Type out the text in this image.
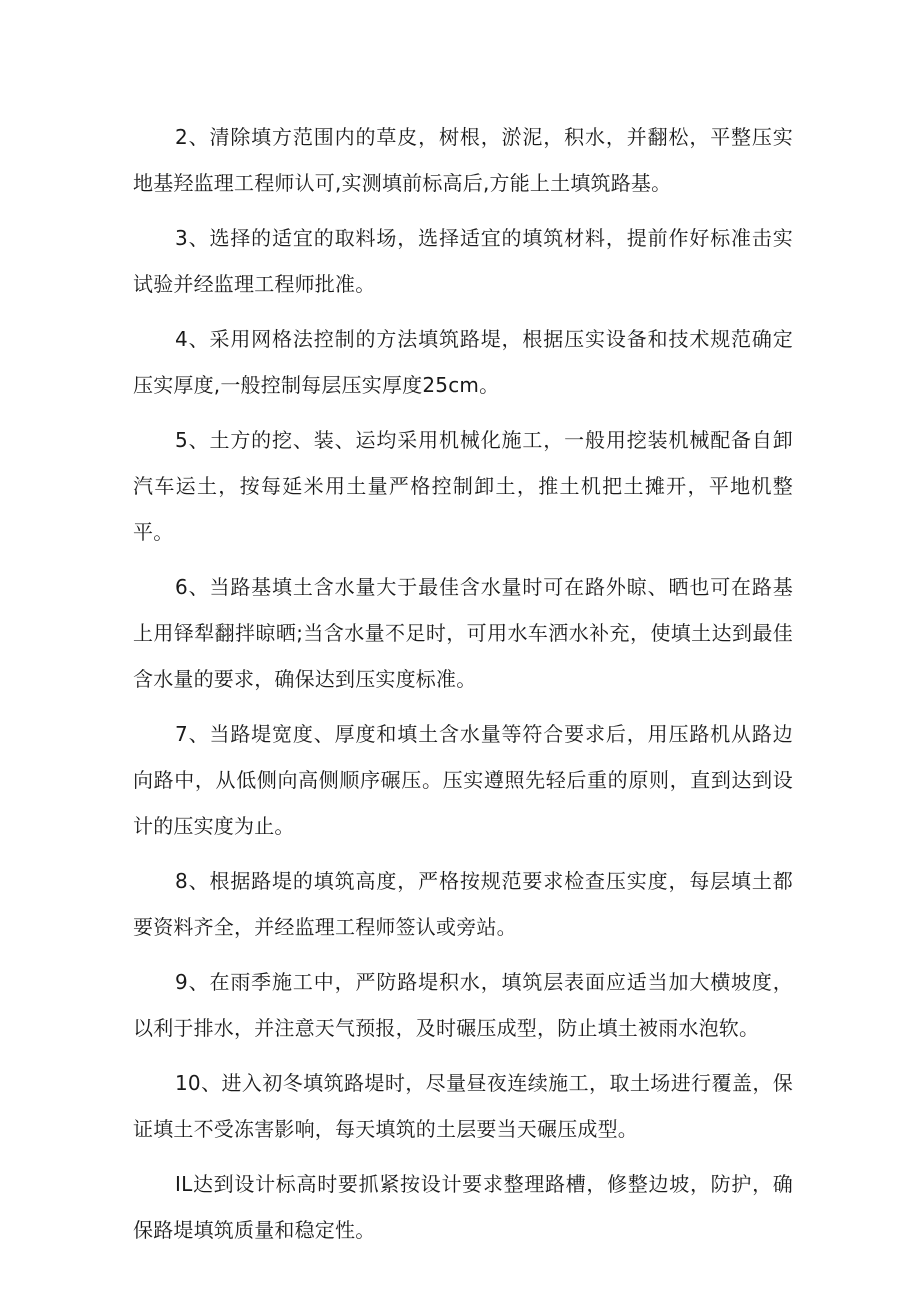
2、清除填方范围内的草皮，树根，淤泥，积水，并翻松，平整压实地基羟监理工程师认可,实测填前标高后,方能上土填筑路基。

3、选择的适宜的取料场，选择适宜的填筑材料，提前作好标准击实试验并经监理工程师批准。

4、采用网格法控制的方法填筑路堤，根据压实设备和技术规范确定压实厚度,一般控制每层压实厚度25cm。

5、土方的挖、装、运均采用机械化施工，一般用挖装机械配备自卸汽车运土，按每延米用土量严格控制卸土，推土机把土摊开，平地机整平。

6、当路基填土含水量大于最佳含水量时可在路外晾、晒也可在路基上用铎犁翻拌晾晒;当含水量不足时，可用水车洒水补充，使填土达到最佳含水量的要求，确保达到压实度标准。

7、当路堤宽度、厚度和填土含水量等符合要求后，用压路机从路边向路中，从低侧向高侧顺序碾压。压实遵照先轻后重的原则，直到达到设计的压实度为止。

8、根据路堤的填筑高度，严格按规范要求检查压实度，每层填土都要资料齐全，并经监理工程师签认或旁站。

9、在雨季施工中，严防路堤积水，填筑层表面应适当加大横坡度，以利于排水，并注意天气预报，及时碾压成型，防止填土被雨水泡软。

10、进入初冬填筑路堤时，尽量昼夜连续施工，取土场进行覆盖，保证填土不受冻害影响，每天填筑的土层要当天碾压成型。

IL达到设计标高时要抓紧按设计要求整理路槽，修整边坡，防护，确保路堤填筑质量和稳定性。
